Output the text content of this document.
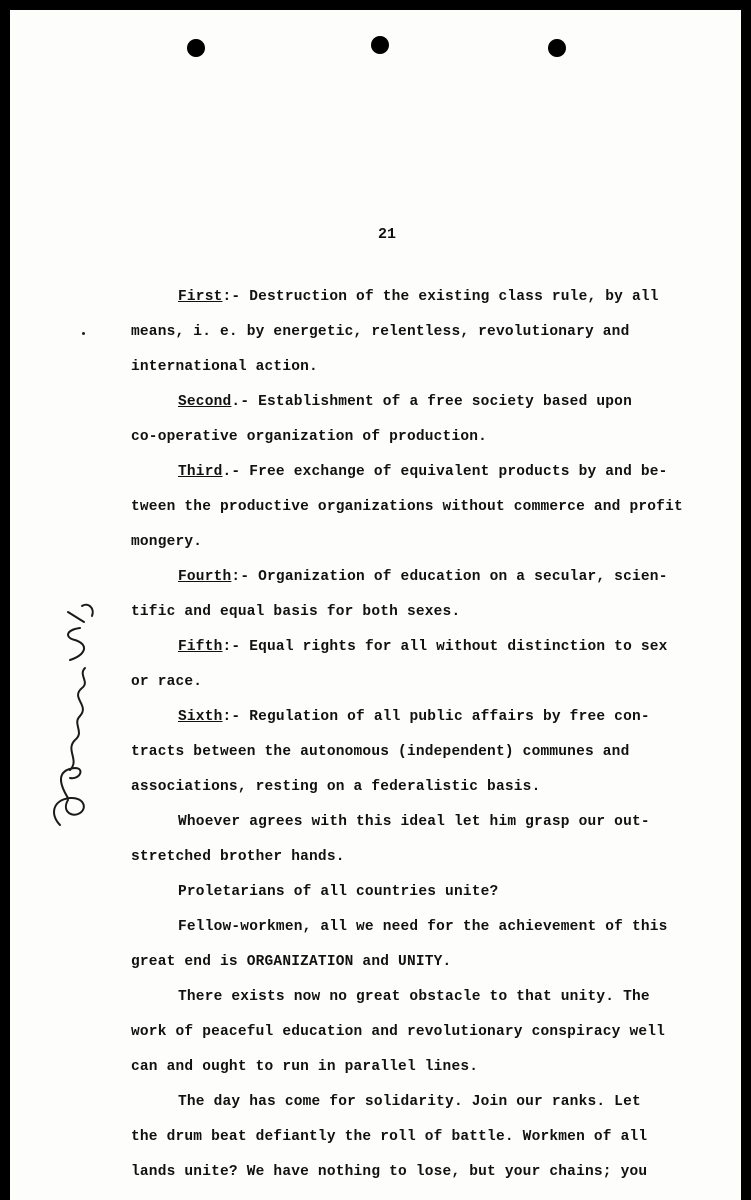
21
First:- Destruction of the existing class rule, by all
means, i. e. by energetic, relentless, revolutionary and
international action.
Second.- Establishment of a free society based upon
co-operative organization of production.
Third.- Free exchange of equivalent products by and be-
tween the productive organizations without commerce and profit
mongery.
Fourth:- Organization of education on a secular, scien-
tific and equal basis for both sexes.
Fifth:- Equal rights for all without distinction to sex
or race.
Sixth:- Regulation of all public affairs by free con-
tracts between the autonomous (independent) communes and
associations, resting on a federalistic basis.
Whoever agrees with this ideal let him grasp our out-
stretched brother hands.
Proletarians of all countries unite?
Fellow-workmen, all we need for the achievement of this
great end is ORGANIZATION and UNITY.
There exists now no great obstacle to that unity. The
work of peaceful education and revolutionary conspiracy well
can and ought to run in parallel lines.
The day has come for solidarity. Join our ranks. Let
the drum beat defiantly the roll of battle. Workmen of all
lands unite? We have nothing to lose, but your chains; you
